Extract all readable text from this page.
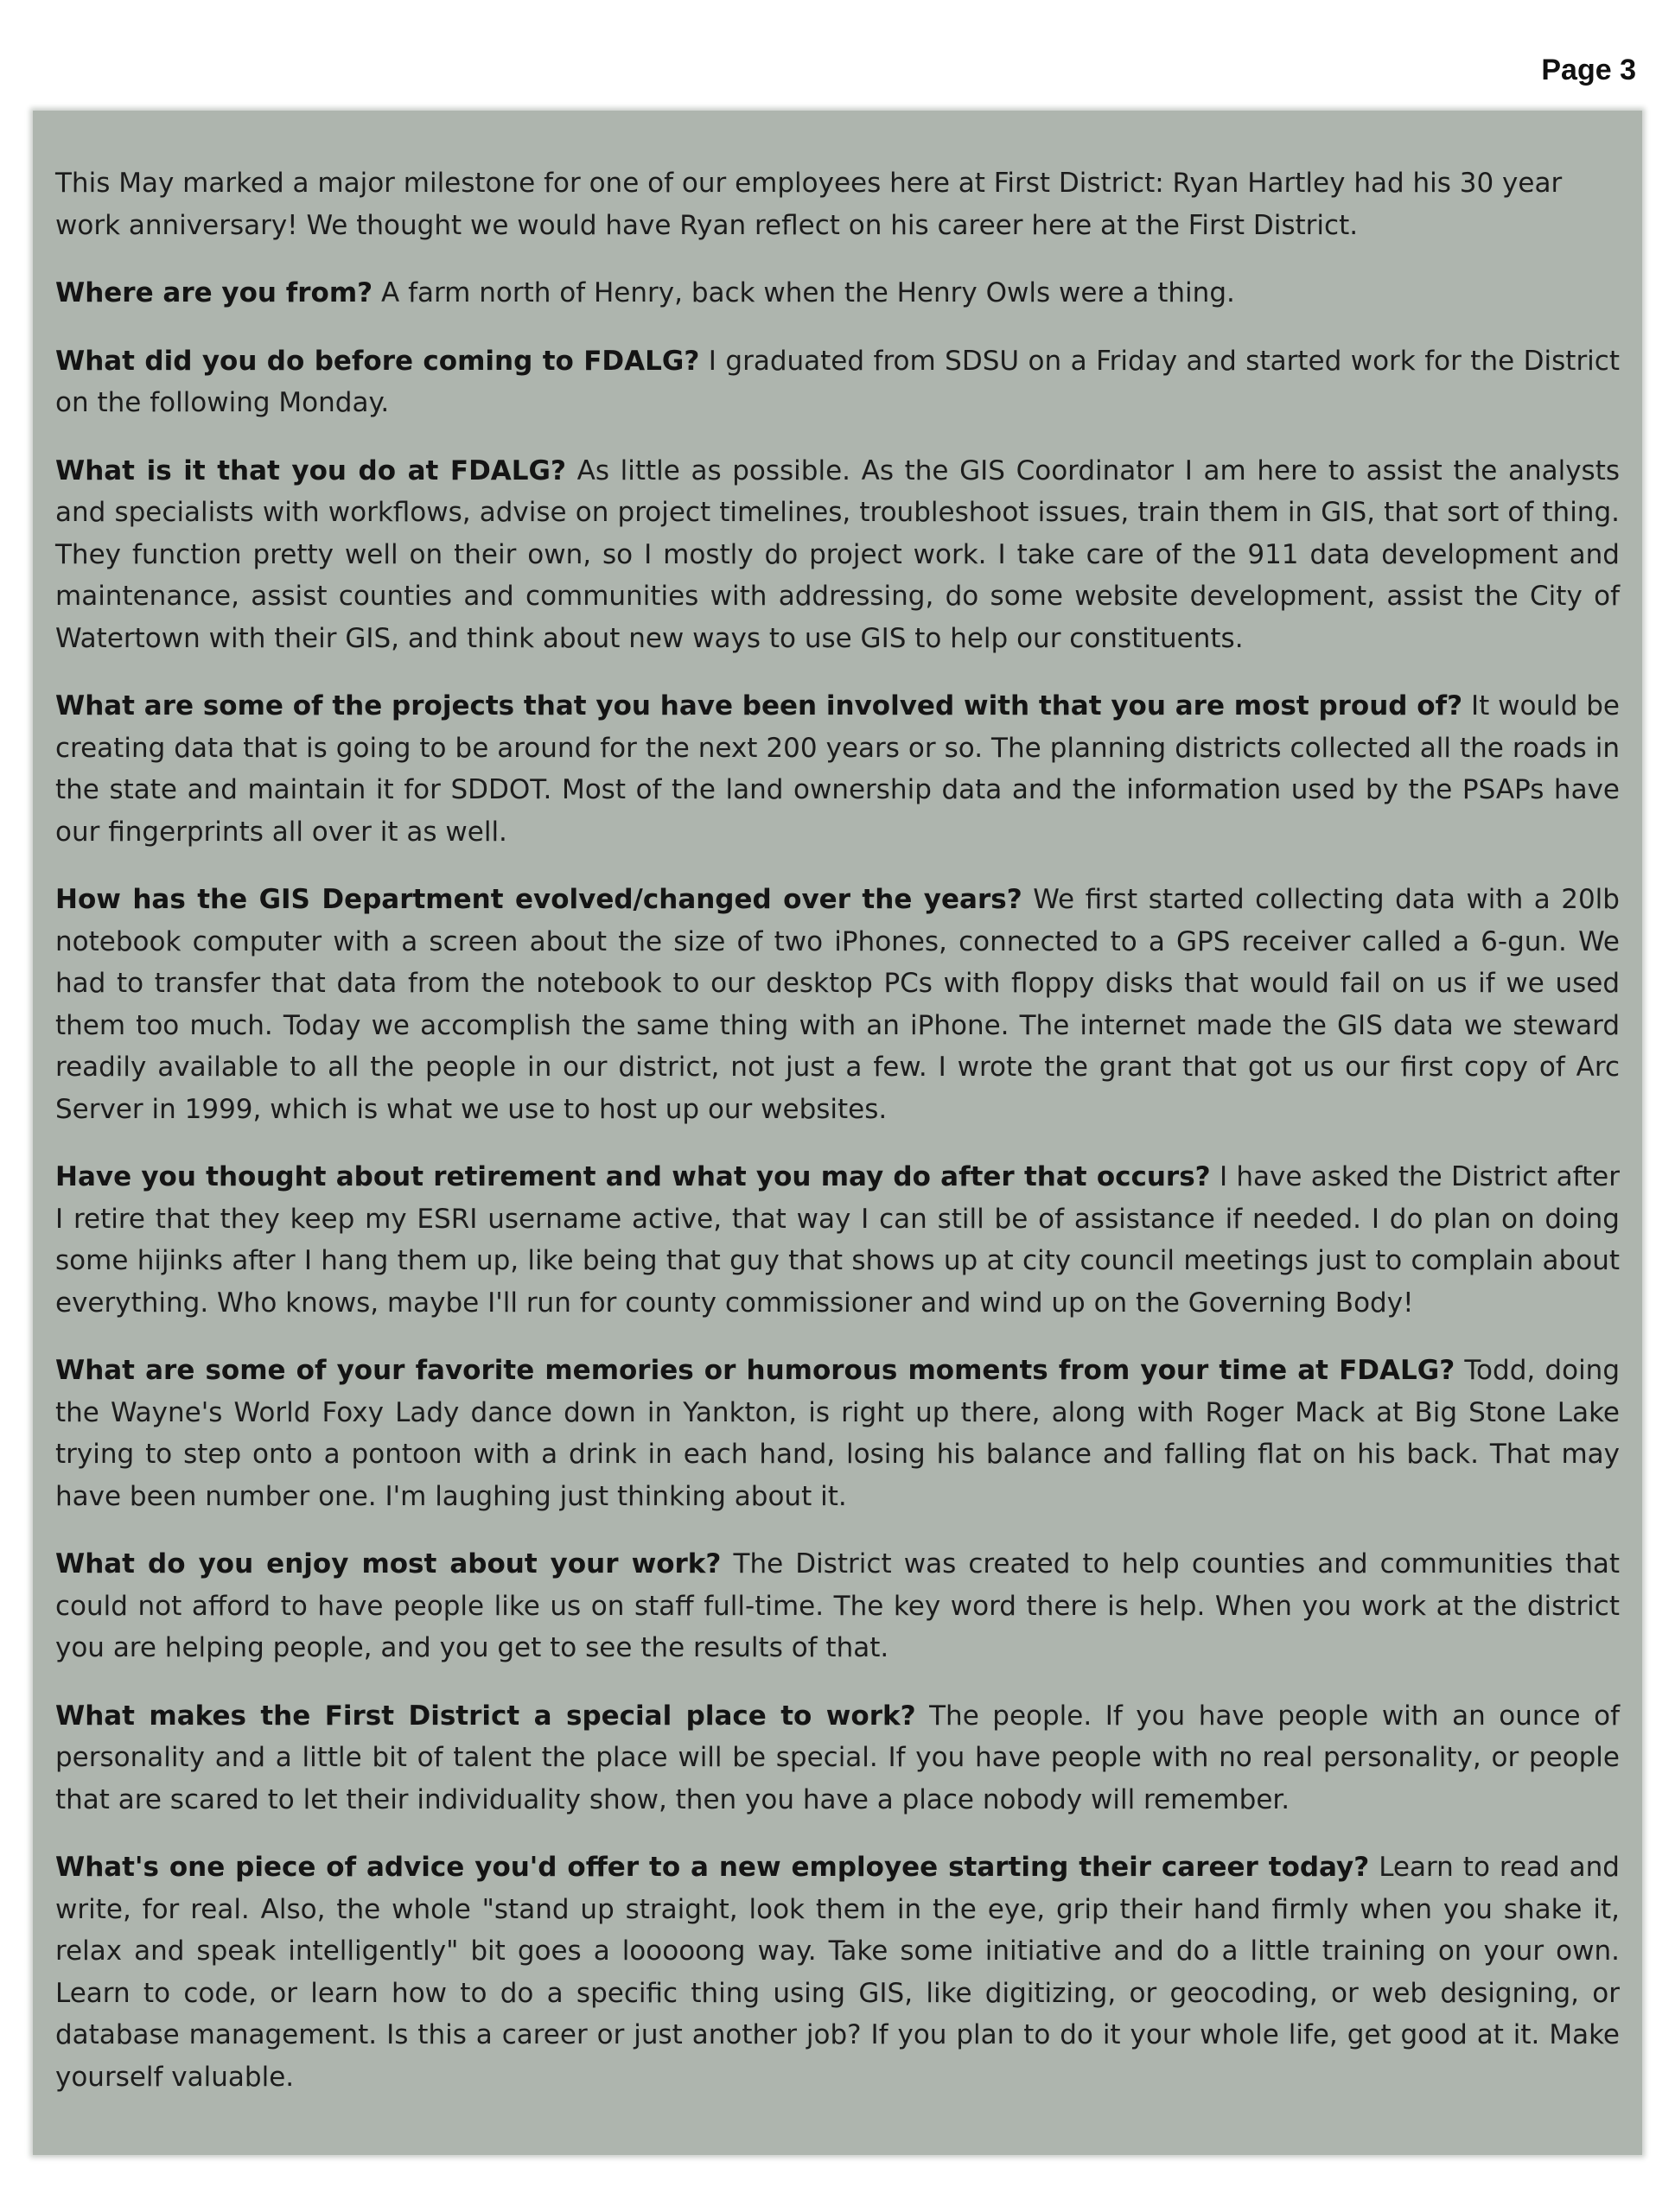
Page 3

This May marked a major milestone for one of our employees here at First District: Ryan Hartley had his 30 year work anniversary! We thought we would have Ryan reflect on his career here at the First District.

Where are you from? A farm north of Henry, back when the Henry Owls were a thing.

What did you do before coming to FDALG? I graduated from SDSU on a Friday and started work for the District on the following Monday.

What is it that you do at FDALG? As little as possible. As the GIS Coordinator I am here to assist the analysts and specialists with workflows, advise on project timelines, troubleshoot issues, train them in GIS, that sort of thing. They function pretty well on their own, so I mostly do project work. I take care of the 911 data development and maintenance, assist counties and communities with addressing, do some website development, assist the City of Watertown with their GIS, and think about new ways to use GIS to help our constituents.

What are some of the projects that you have been involved with that you are most proud of? It would be creating data that is going to be around for the next 200 years or so. The planning districts collected all the roads in the state and maintain it for SDDOT. Most of the land ownership data and the information used by the PSAPs have our fingerprints all over it as well.

How has the GIS Department evolved/changed over the years? We first started collecting data with a 20lb notebook computer with a screen about the size of two iPhones, connected to a GPS receiver called a 6-gun. We had to transfer that data from the notebook to our desktop PCs with floppy disks that would fail on us if we used them too much. Today we accomplish the same thing with an iPhone. The internet made the GIS data we steward readily available to all the people in our district, not just a few. I wrote the grant that got us our first copy of Arc Server in 1999, which is what we use to host up our websites.

Have you thought about retirement and what you may do after that occurs? I have asked the District after I retire that they keep my ESRI username active, that way I can still be of assistance if needed. I do plan on doing some hijinks after I hang them up, like being that guy that shows up at city council meetings just to complain about everything. Who knows, maybe I'll run for county commissioner and wind up on the Governing Body!

What are some of your favorite memories or humorous moments from your time at FDALG? Todd, doing the Wayne's World Foxy Lady dance down in Yankton, is right up there, along with Roger Mack at Big Stone Lake trying to step onto a pontoon with a drink in each hand, losing his balance and falling flat on his back. That may have been number one. I'm laughing just thinking about it.

What do you enjoy most about your work? The District was created to help counties and communities that could not afford to have people like us on staff full-time. The key word there is help. When you work at the district you are helping people, and you get to see the results of that.

What makes the First District a special place to work? The people. If you have people with an ounce of personality and a little bit of talent the place will be special. If you have people with no real personality, or people that are scared to let their individuality show, then you have a place nobody will remember.

What's one piece of advice you'd offer to a new employee starting their career today? Learn to read and write, for real. Also, the whole "stand up straight, look them in the eye, grip their hand firmly when you shake it, relax and speak intelligently" bit goes a looooong way. Take some initiative and do a little training on your own. Learn to code, or learn how to do a specific thing using GIS, like digitizing, or geocoding, or web designing, or database management. Is this a career or just another job? If you plan to do it your whole life, get good at it. Make yourself valuable.
